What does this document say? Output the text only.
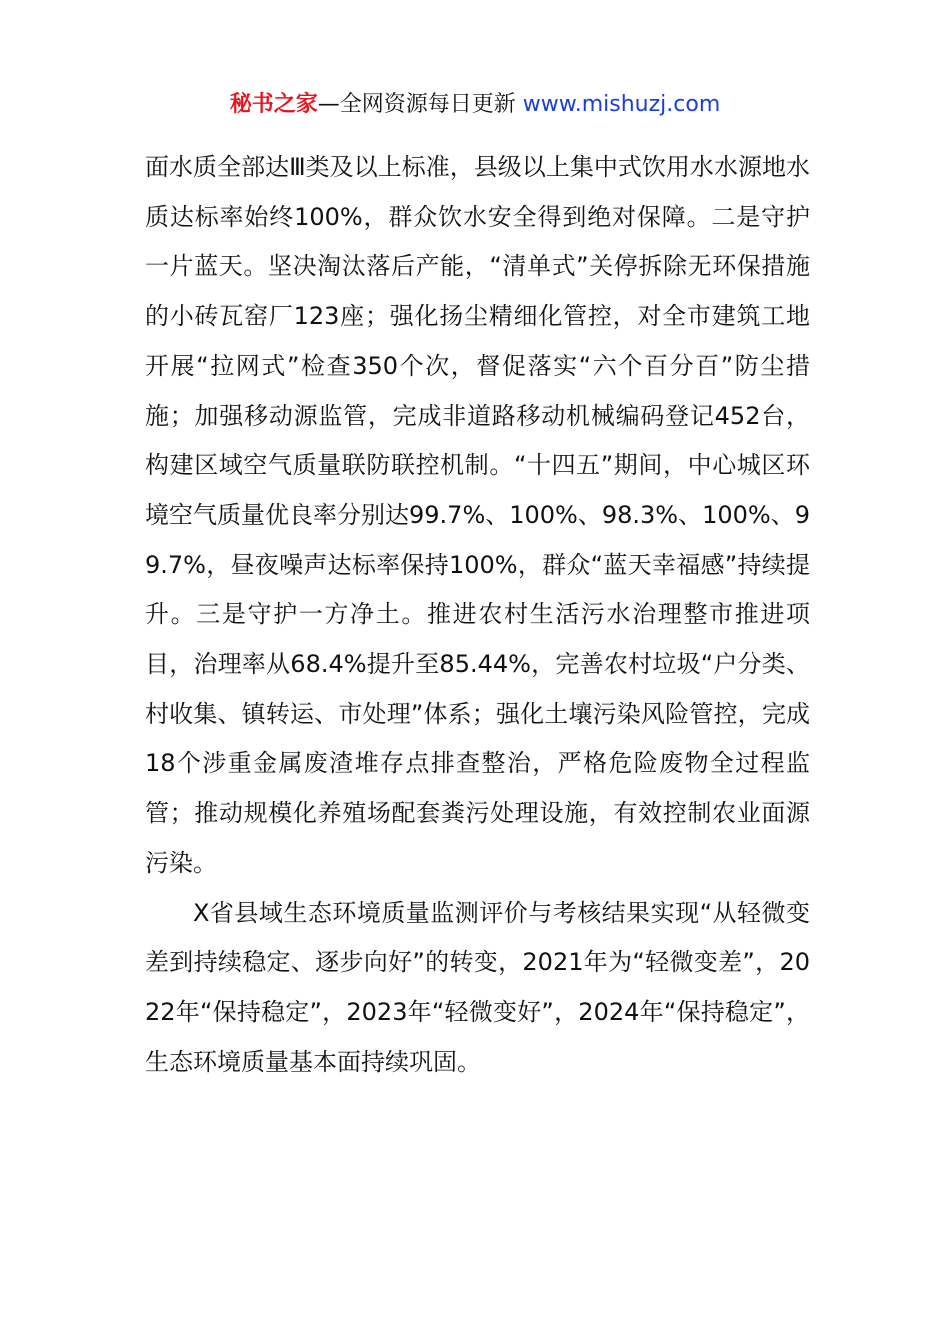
秘书之家—全网资源每日更新 www.mishuzj.com

面水质全部达Ⅲ类及以上标准，县级以上集中式饮用水水源地水质达标率始终100%，群众饮水安全得到绝对保障。二是守护一片蓝天。坚决淘汰落后产能，“清单式”关停拆除无环保措施的小砖瓦窑厂123座；强化扬尘精细化管控，对全市建筑工地开展“拉网式”检查350个次，督促落实“六个百分百”防尘措施；加强移动源监管，完成非道路移动机械编码登记452台，构建区域空气质量联防联控机制。“十四五”期间，中心城区环境空气质量优良率分别达99.7%、100%、98.3%、100%、99.7%，昼夜噪声达标率保持100%，群众“蓝天幸福感”持续提升。三是守护一方净土。推进农村生活污水治理整市推进项目，治理率从68.4%提升至85.44%，完善农村垃圾“户分类、村收集、镇转运、市处理”体系；强化土壤污染风险管控，完成18个涉重金属废渣堆存点排查整治，严格危险废物全过程监管；推动规模化养殖场配套粪污处理设施，有效控制农业面源污染。

X省县域生态环境质量监测评价与考核结果实现“从轻微变差到持续稳定、逐步向好”的转变，2021年为“轻微变差”，2022年“保持稳定”，2023年“轻微变好”，2024年“保持稳定”，生态环境质量基本面持续巩固。
